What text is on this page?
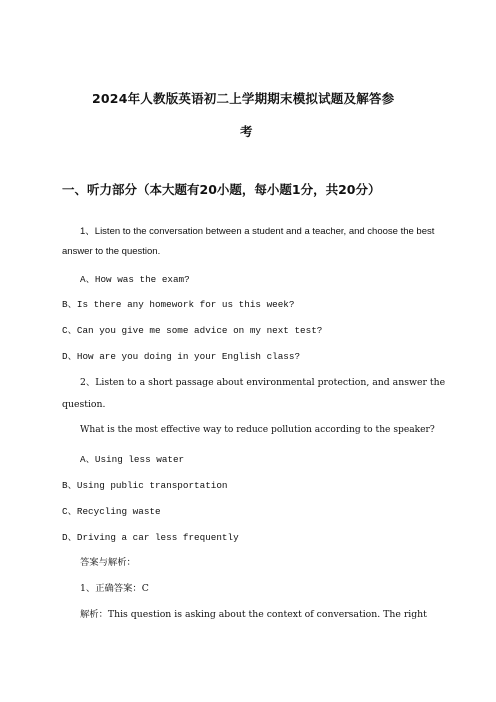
2024年人教版英语初二上学期期末模拟试题及解答参
考
一、听力部分（本大题有20小题，每小题1分，共20分）
1、Listen to the conversation between a student and a teacher, and choose the best
answer to the question.
A、How was the exam?
B、Is there any homework for us this week?
C、Can you give me some advice on my next test?
D、How are you doing in your English class?
2、Listen to a short passage about environmental protection, and answer the
question.
What is the most effective way to reduce pollution according to the speaker?
A、Using less water
B、Using public transportation
C、Recycling waste
D、Driving a car less frequently
答案与解析：
1、正确答案：C
解析：This question is asking about the context of conversation. The right
